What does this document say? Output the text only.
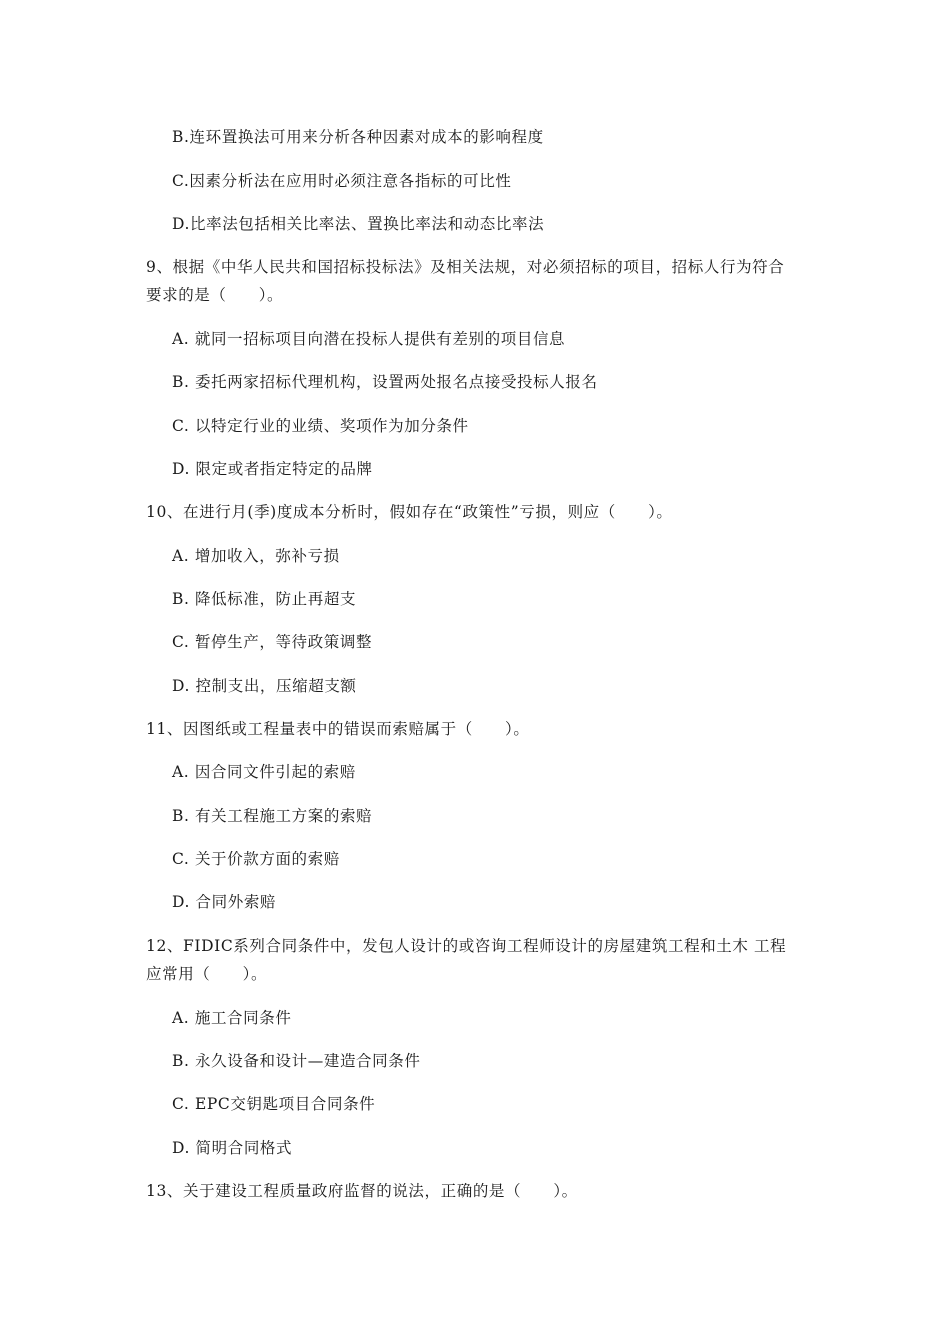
B.连环置换法可用来分析各种因素对成本的影响程度
C.因素分析法在应用时必须注意各指标的可比性
D.比率法包括相关比率法、置换比率法和动态比率法
9、根据《中华人民共和国招标投标法》及相关法规，对必须招标的项目，招标人行为符合
要求的是（　　）。
A. 就同一招标项目向潜在投标人提供有差别的项目信息
B. 委托两家招标代理机构，设置两处报名点接受投标人报名
C. 以特定行业的业绩、奖项作为加分条件
D. 限定或者指定特定的品牌
10、在进行月(季)度成本分析时，假如存在“政策性”亏损，则应（　　）。
A. 增加收入，弥补亏损
B. 降低标准，防止再超支
C. 暂停生产，等待政策调整
D. 控制支出，压缩超支额
11、因图纸或工程量表中的错误而索赔属于（　　）。
A. 因合同文件引起的索赔
B. 有关工程施工方案的索赔
C. 关于价款方面的索赔
D. 合同外索赔
12、FIDIC系列合同条件中，发包人设计的或咨询工程师设计的房屋建筑工程和土木 工程
应常用（　　）。
A. 施工合同条件
B. 永久设备和设计—建造合同条件
C. EPC交钥匙项目合同条件
D. 简明合同格式
13、关于建设工程质量政府监督的说法，正确的是（　　）。
